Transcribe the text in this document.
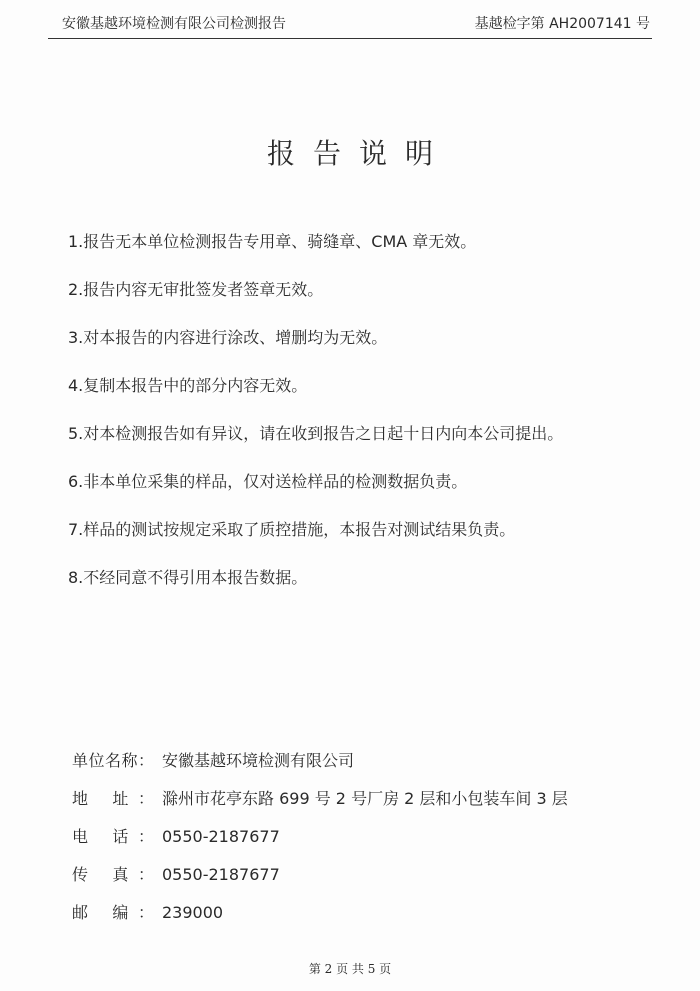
安徽基越环境检测有限公司检测报告	基越检字第 AH2007141 号
报告说明
1.报告无本单位检测报告专用章、骑缝章、CMA 章无效。
2.报告内容无审批签发者签章无效。
3.对本报告的内容进行涂改、增删均为无效。
4.复制本报告中的部分内容无效。
5.对本检测报告如有异议，请在收到报告之日起十日内向本公司提出。
6.非本单位采集的样品，仅对送检样品的检测数据负责。
7.样品的测试按规定采取了质控措施，本报告对测试结果负责。
8.不经同意不得引用本报告数据。
单位名称： 安徽基越环境检测有限公司
地 址： 滁州市花亭东路 699 号 2 号厂房 2 层和小包装车间 3 层
电 话： 0550-2187677
传 真： 0550-2187677
邮 编： 239000
第 2 页 共 5 页
